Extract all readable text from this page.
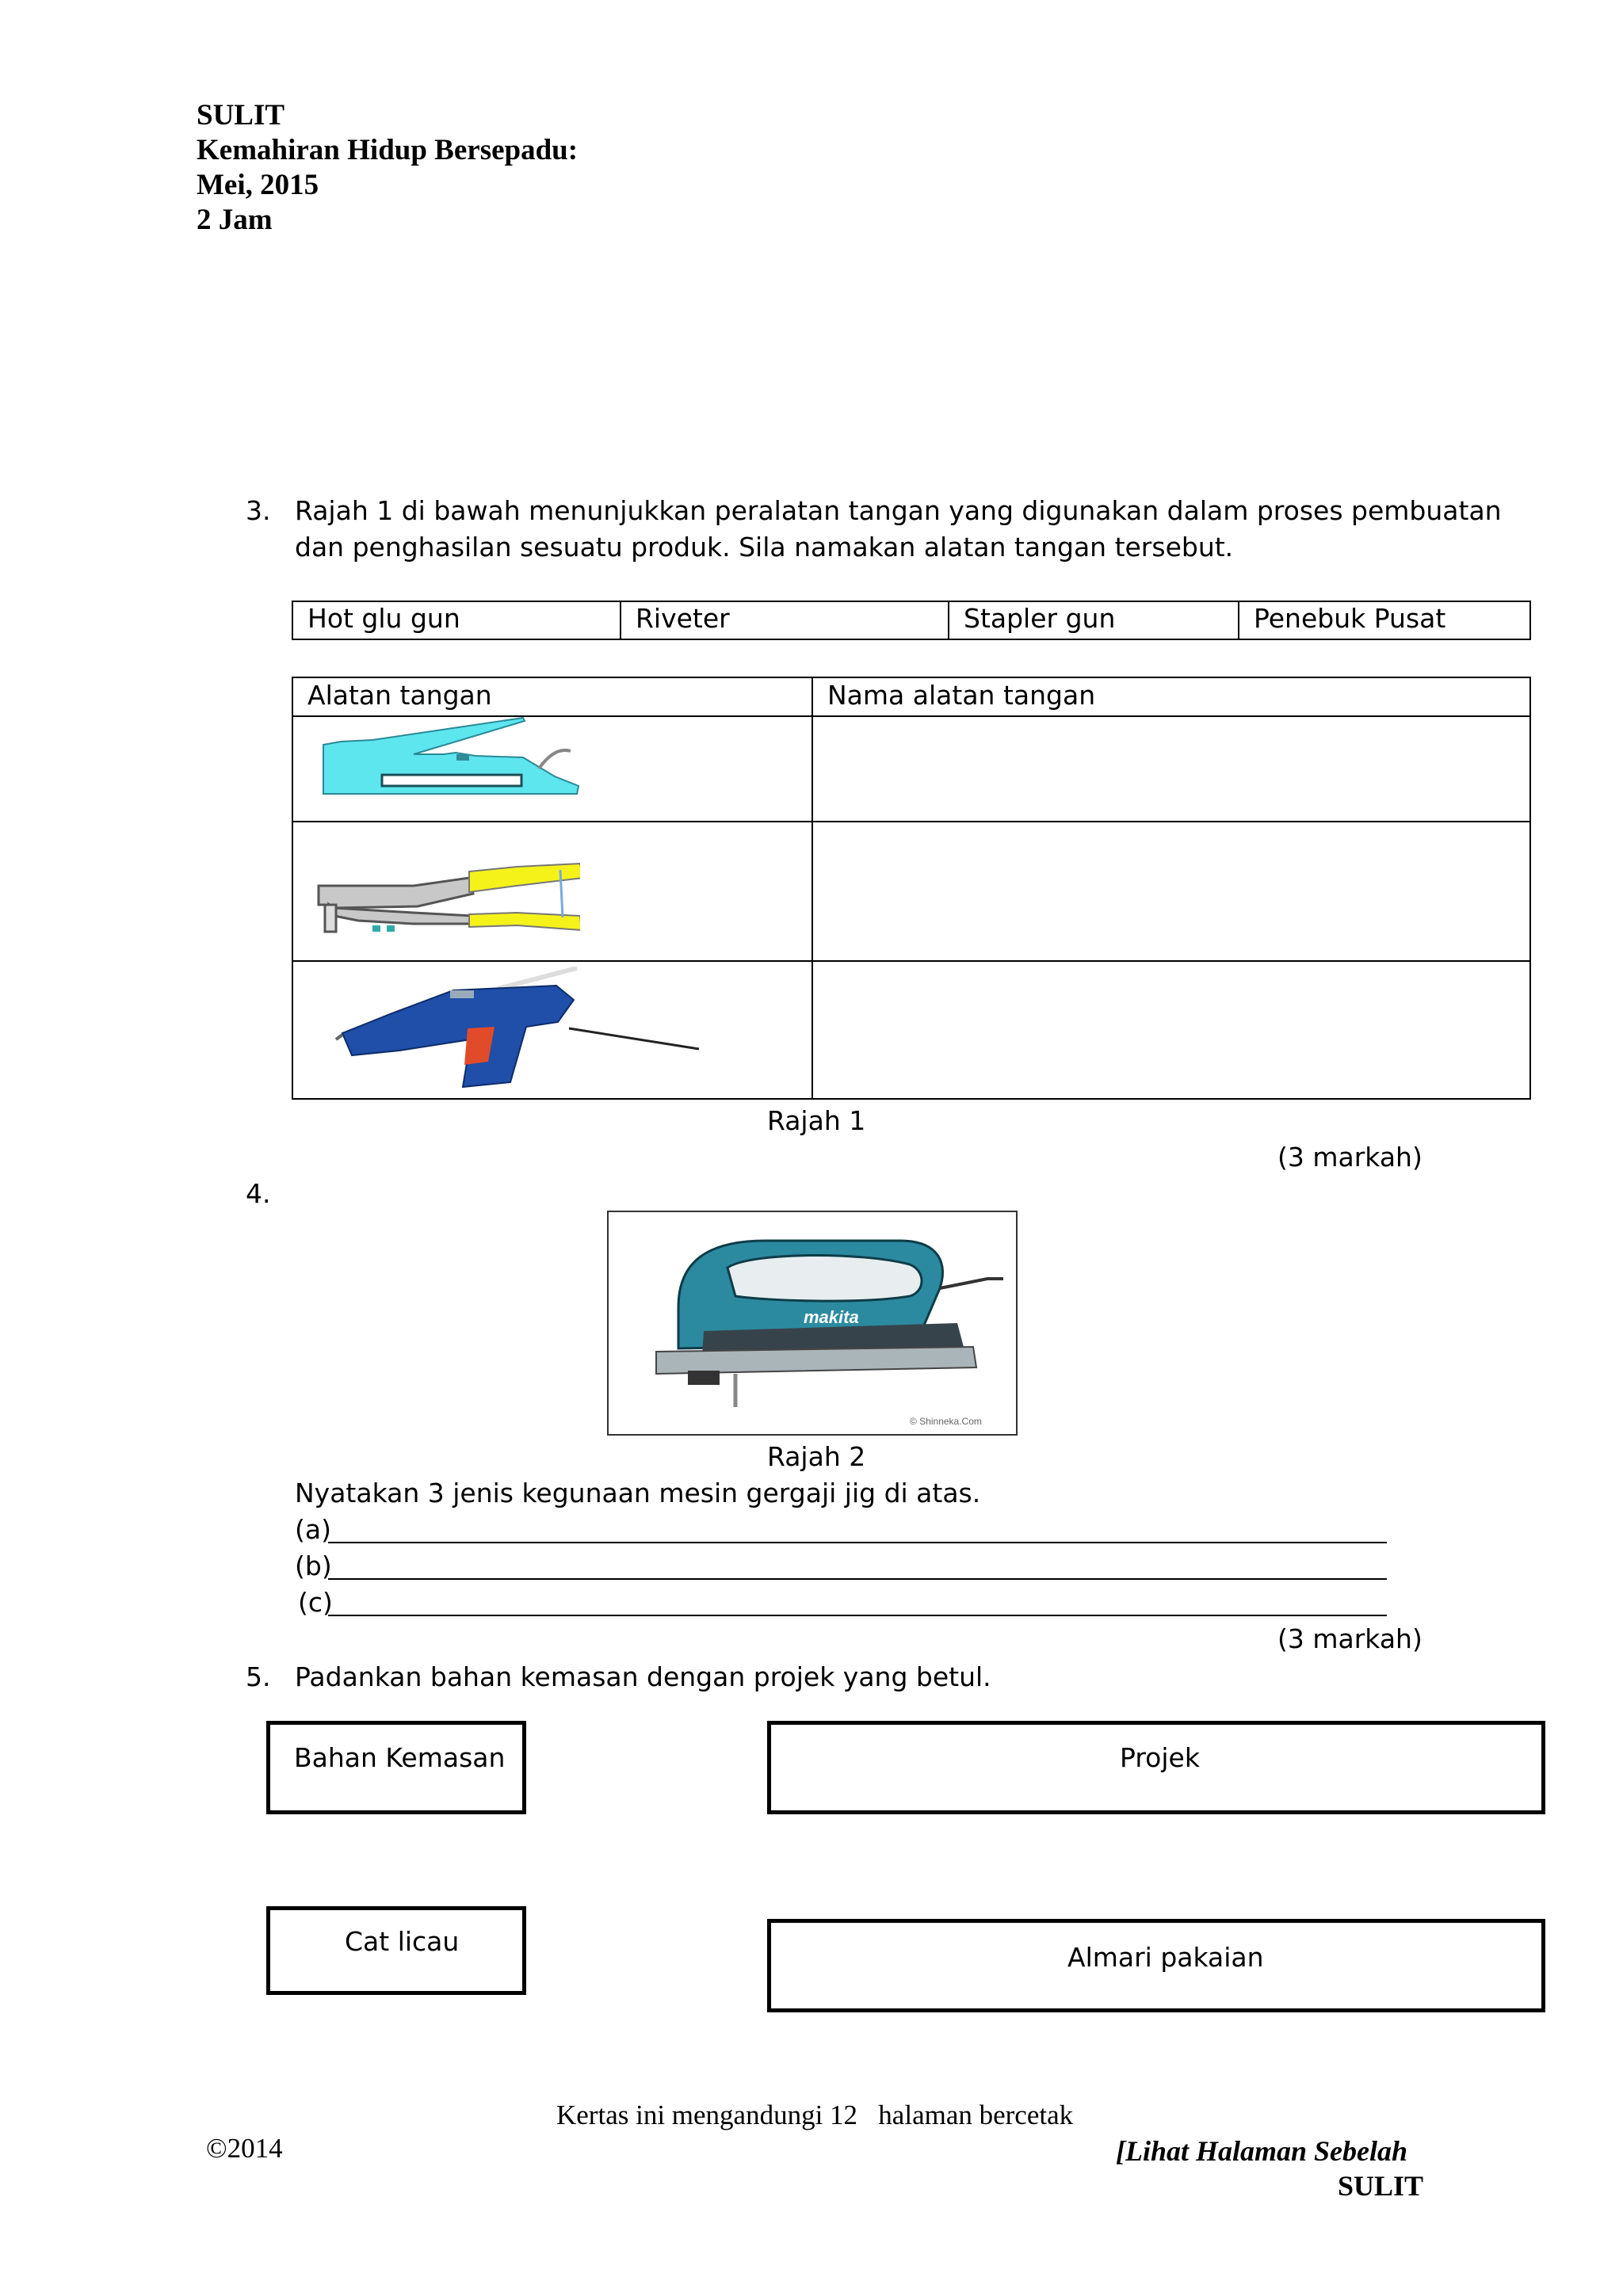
SULIT
Kemahiran Hidup Bersepadu:
Mei, 2015
2 Jam
3. Rajah 1 di bawah menunjukkan peralatan tangan yang digunakan dalam proses pembuatan
dan penghasilan sesuatu produk. Sila namakan alatan tangan tersebut.
Hot glu gun	Riveter	Stapler gun	Penebuk Pusat
Alatan tangan	Nama alatan tangan
Rajah 1
(3 markah)
4.
makita
© Shinneka.Com
Rajah 2
Nyatakan 3 jenis kegunaan mesin gergaji jig di atas.
(a)
(b)
(c)
(3 markah)
5. Padankan bahan kemasan dengan projek yang betul.
Bahan Kemasan	Projek
Cat licau
Almari pakaian
Kertas ini mengandungi 12   halaman bercetak
©2014	[Lihat Halaman Sebelah
SULIT
